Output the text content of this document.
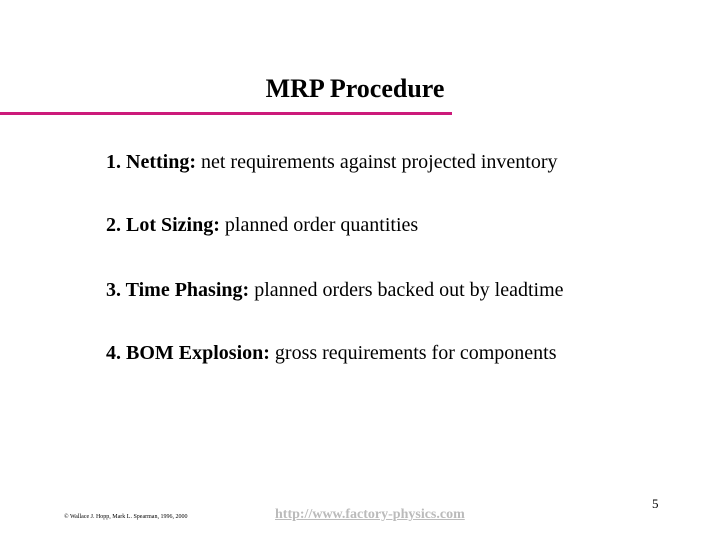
MRP Procedure
1. Netting: net requirements against projected inventory
2. Lot Sizing: planned order quantities
3. Time Phasing: planned orders backed out by leadtime
4. BOM Explosion: gross requirements for components
© Wallace J. Hopp, Mark L. Spearman, 1996, 2000	http://www.factory-physics.com
5
